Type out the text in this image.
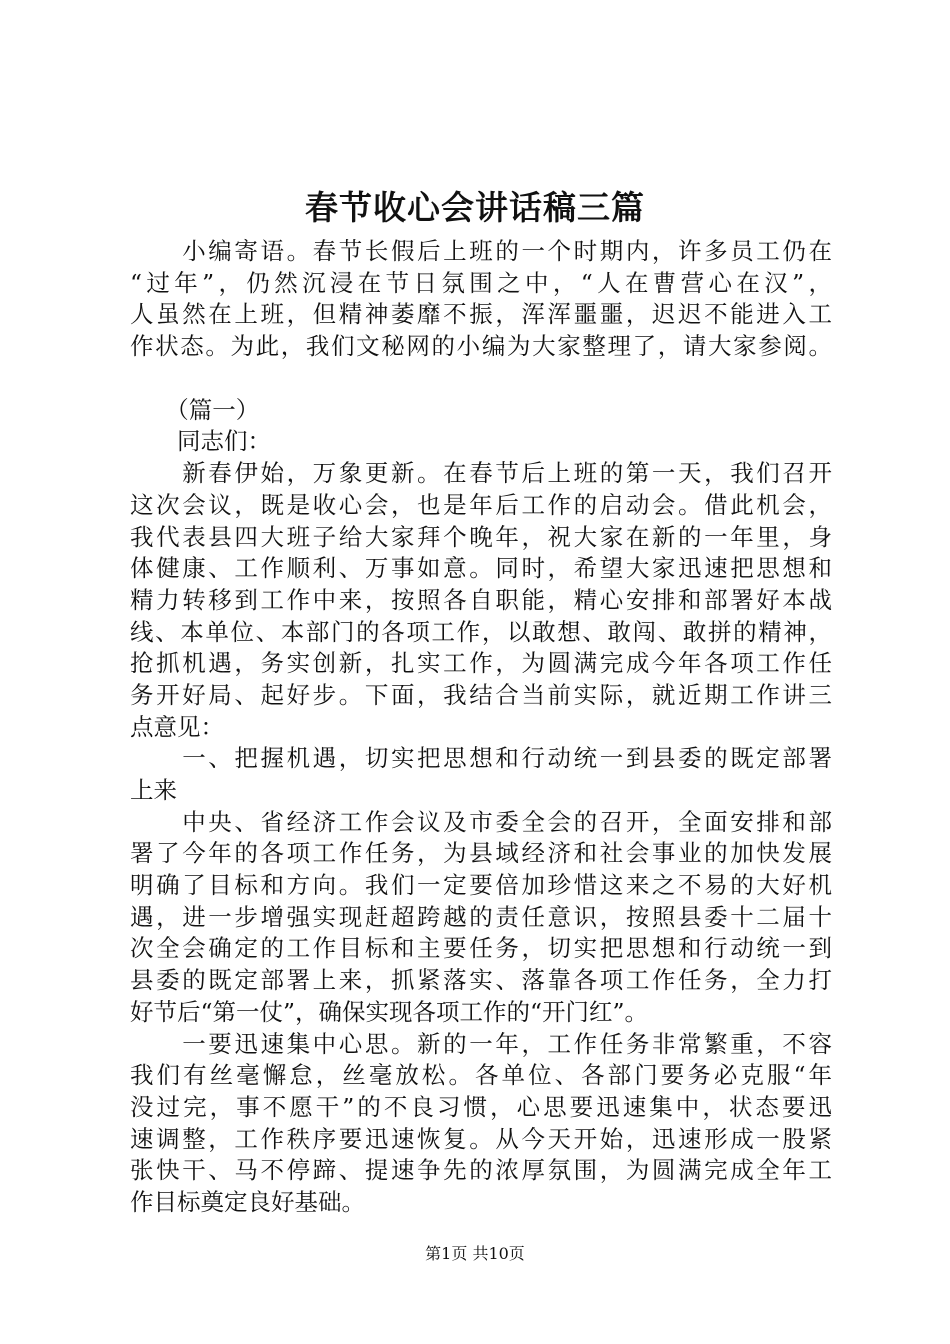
春节收心会讲话稿三篇
　　小编寄语。春节长假后上班的一个时期内，许多员工仍在
“过年”，仍然沉浸在节日氛围之中，“人在曹营心在汉”，
人虽然在上班，但精神萎靡不振，浑浑噩噩，迟迟不能进入工
作状态。为此，我们文秘网的小编为大家整理了，请大家参阅。
　　（篇一）
　　同志们：
　　新春伊始，万象更新。在春节后上班的第一天，我们召开
这次会议，既是收心会，也是年后工作的启动会。借此机会，
我代表县四大班子给大家拜个晚年，祝大家在新的一年里，身
体健康、工作顺利、万事如意。同时，希望大家迅速把思想和
精力转移到工作中来，按照各自职能，精心安排和部署好本战
线、本单位、本部门的各项工作，以敢想、敢闯、敢拼的精神，
抢抓机遇，务实创新，扎实工作，为圆满完成今年各项工作任
务开好局、起好步。下面，我结合当前实际，就近期工作讲三
点意见：
　　一、把握机遇，切实把思想和行动统一到县委的既定部署
上来
　　中央、省经济工作会议及市委全会的召开，全面安排和部
署了今年的各项工作任务，为县域经济和社会事业的加快发展
明确了目标和方向。我们一定要倍加珍惜这来之不易的大好机
遇，进一步增强实现赶超跨越的责任意识，按照县委十二届十
次全会确定的工作目标和主要任务，切实把思想和行动统一到
县委的既定部署上来，抓紧落实、落靠各项工作任务，全力打
好节后“第一仗”，确保实现各项工作的“开门红”。
　　一要迅速集中心思。新的一年，工作任务非常繁重，不容
我们有丝毫懈怠，丝毫放松。各单位、各部门要务必克服“年
没过完，事不愿干”的不良习惯，心思要迅速集中，状态要迅
速调整，工作秩序要迅速恢复。从今天开始，迅速形成一股紧
张快干、马不停蹄、提速争先的浓厚氛围，为圆满完成全年工
作目标奠定良好基础。
第1页 共10页
